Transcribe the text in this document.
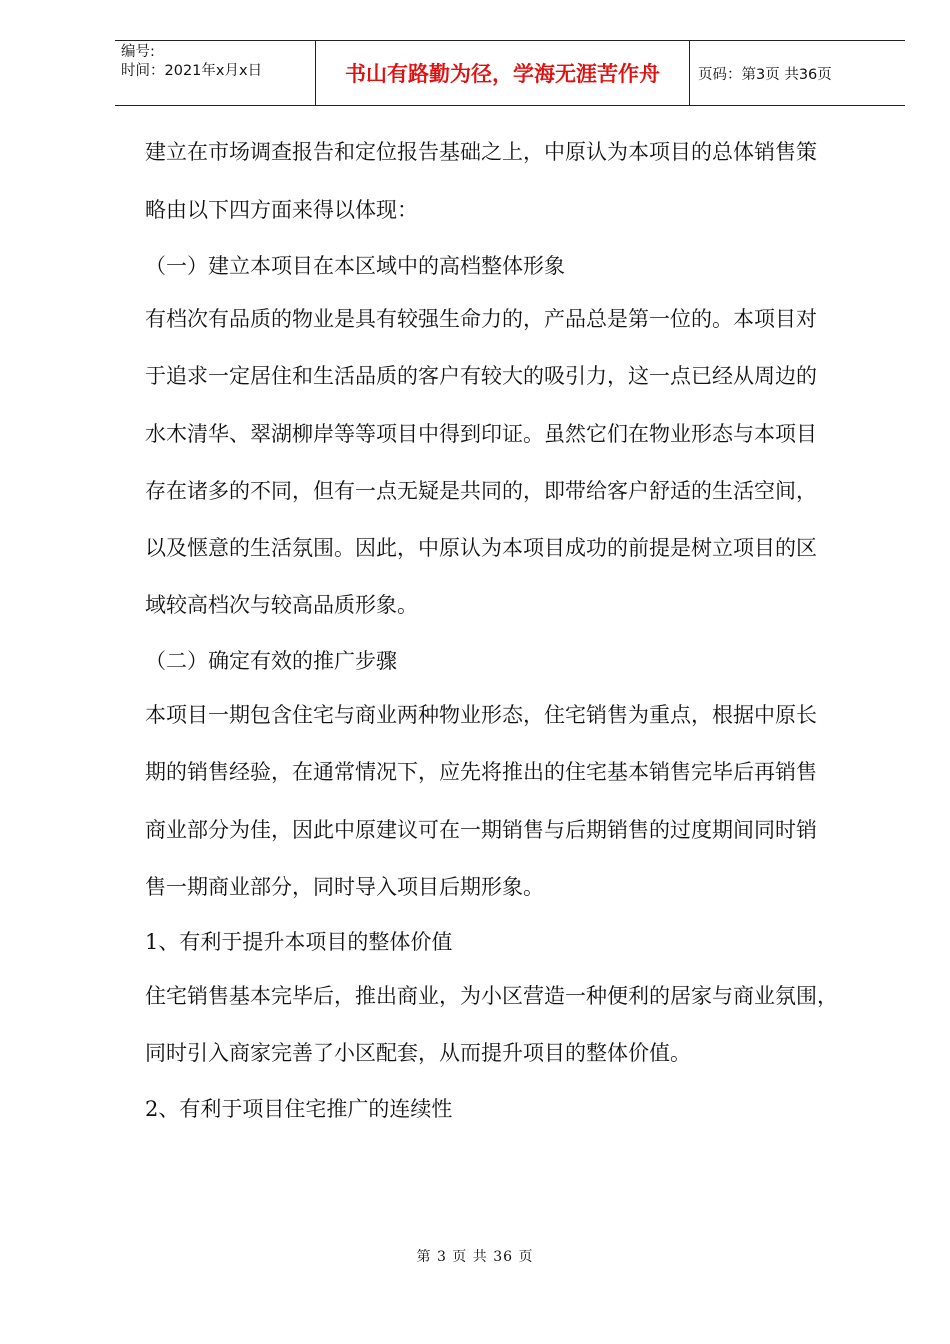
编号:
时间：2021年x月x日	书山有路勤为径，学海无涯苦作舟	页码：第3页 共36页
建立在市场调查报告和定位报告基础之上，中原认为本项目的总体销售策
略由以下四方面来得以体现：
（一）建立本项目在本区域中的高档整体形象
有档次有品质的物业是具有较强生命力的，产品总是第一位的。本项目对
于追求一定居住和生活品质的客户有较大的吸引力，这一点已经从周边的
水木清华、翠湖柳岸等等项目中得到印证。虽然它们在物业形态与本项目
存在诸多的不同，但有一点无疑是共同的，即带给客户舒适的生活空间，
以及惬意的生活氛围。因此，中原认为本项目成功的前提是树立项目的区
域较高档次与较高品质形象。
（二）确定有效的推广步骤
本项目一期包含住宅与商业两种物业形态，住宅销售为重点，根据中原长
期的销售经验，在通常情况下，应先将推出的住宅基本销售完毕后再销售
商业部分为佳，因此中原建议可在一期销售与后期销售的过度期间同时销
售一期商业部分，同时导入项目后期形象。
1、有利于提升本项目的整体价值
住宅销售基本完毕后，推出商业，为小区营造一种便利的居家与商业氛围，
同时引入商家完善了小区配套，从而提升项目的整体价值。
2、有利于项目住宅推广的连续性
第 3 页 共 36 页
